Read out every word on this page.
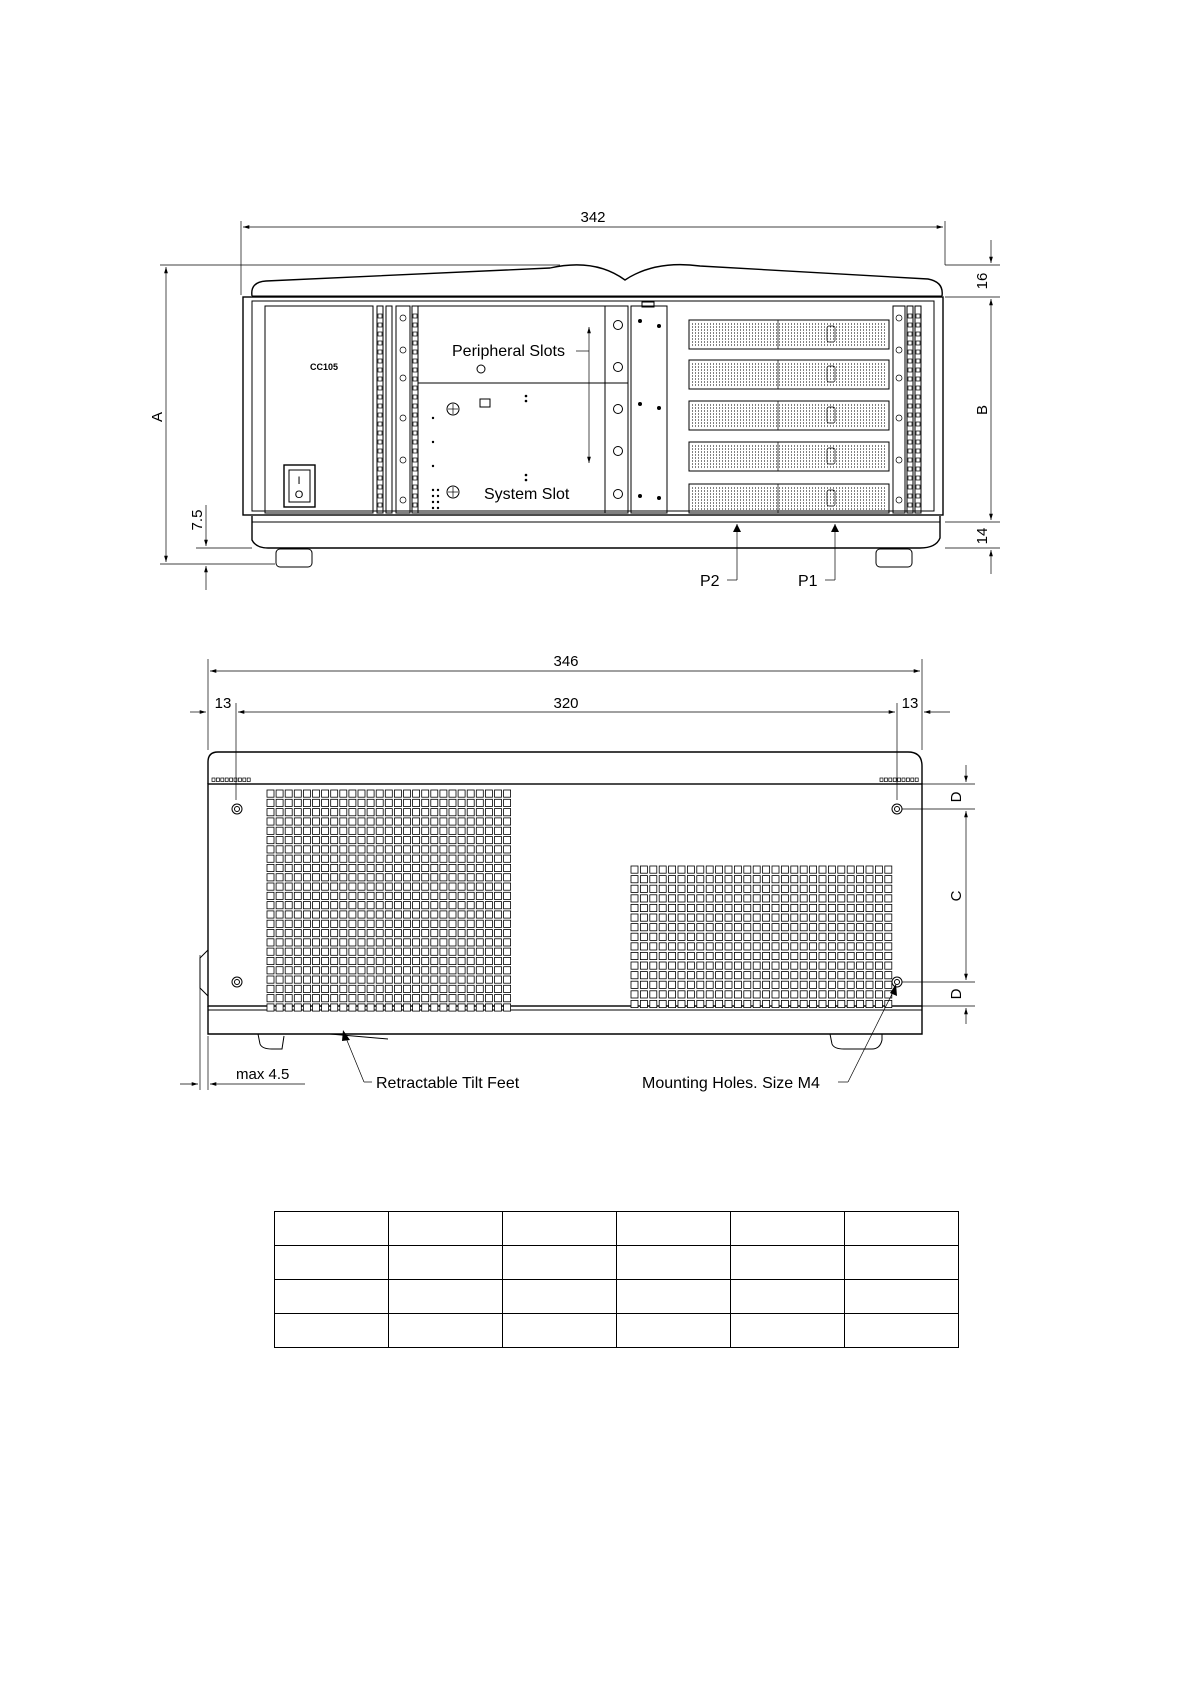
342
A
7.5
16
B
14
CC105
I
O
Peripheral Slots
System Slot
P2	P1
346
13	320	13
D
C
D
max 4.5
Retractable Tilt Feet	Mounting Holes. Size M4
